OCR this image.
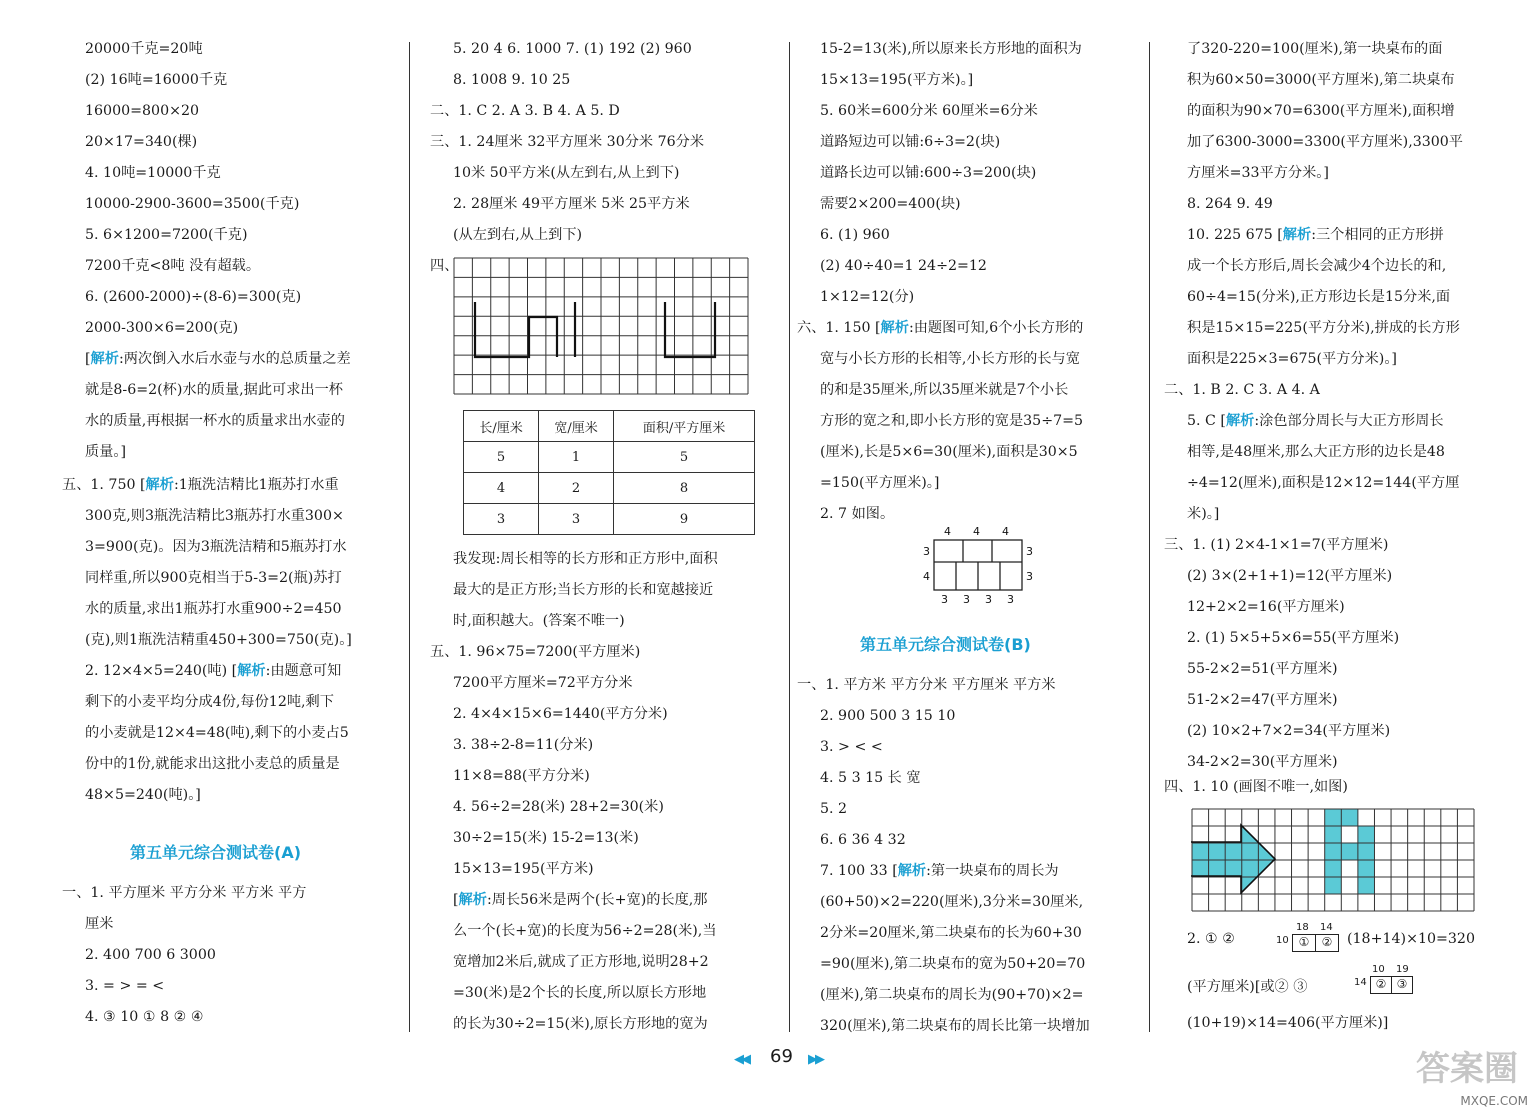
20000千克=20吨
(2) 16吨=16000千克
16000=800×20
20×17=340(棵)
4. 10吨=10000千克
10000-2900-3600=3500(千克)
5. 6×1200=7200(千克)
7200千克<8吨 没有超载。
6. (2600-2000)÷(8-6)=300(克)
2000-300×6=200(克)
[解析:两次倒入水后水壶与水的总质量之差
就是8-6=2(杯)水的质量,据此可求出一杯
水的质量,再根据一杯水的质量求出水壶的
质量。]
五、1. 750 [解析:1瓶洗洁精比1瓶苏打水重
300克,则3瓶洗洁精比3瓶苏打水重300×
3=900(克)。因为3瓶洗洁精和5瓶苏打水
同样重,所以900克相当于5-3=2(瓶)苏打
水的质量,求出1瓶苏打水重900÷2=450
(克),则1瓶洗洁精重450+300=750(克)。]
2. 12×4×5=240(吨) [解析:由题意可知
剩下的小麦平均分成4份,每份12吨,剩下
的小麦就是12×4=48(吨),剩下的小麦占5
份中的1份,就能求出这批小麦总的质量是
48×5=240(吨)。]
一、1. 平方厘米 平方分米 平方米 平方
厘米
2. 400 700 6 3000
3. = > = <
4. ③ 10 ① 8 ② ④
5. 20 4 6. 1000 7. (1) 192 (2) 960
8. 1008 9. 10 25
二、1. C 2. A 3. B 4. A 5. D
三、1. 24厘米 32平方厘米 30分米 76分米
10米 50平方米(从左到右,从上到下)
2. 28厘米 49平方厘米 5米 25平方米
(从左到右,从上到下)
四、
我发现:周长相等的长方形和正方形中,面积
最大的是正方形;当长方形的长和宽越接近
时,面积越大。(答案不唯一)
五、1. 96×75=7200(平方厘米)
7200平方厘米=72平方分米
2. 4×4×15×6=1440(平方分米)
3. 38÷2-8=11(分米)
11×8=88(平方分米)
4. 56÷2=28(米) 28+2=30(米)
30÷2=15(米) 15-2=13(米)
15×13=195(平方米)
[解析:周长56米是两个(长+宽)的长度,那
么一个(长+宽)的长度为56÷2=28(米),当
宽增加2米后,就成了正方形地,说明28+2
=30(米)是2个长的长度,所以原长方形地
的长为30÷2=15(米),原长方形地的宽为
15-2=13(米),所以原来长方形地的面积为
15×13=195(平方米)。]
5. 60米=600分米 60厘米=6分米
道路短边可以铺:6÷3=2(块)
道路长边可以铺:600÷3=200(块)
需要2×200=400(块)
6. (1) 960
(2) 40÷40=1 24÷2=12
1×12=12(分)
六、1. 150 [解析:由题图可知,6个小长方形的
宽与小长方形的长相等,小长方形的长与宽
的和是35厘米,所以35厘米就是7个小长
方形的宽之和,即小长方形的宽是35÷7=5
(厘米),长是5×6=30(厘米),面积是30×5
=150(平方厘米)。]
2. 7 如图。
一、1. 平方米 平方分米 平方厘米 平方米
2. 900 500 3 15 10
3. > < <
4. 5 3 15 长 宽
5. 2
6. 6 36 4 32
7. 100 33 [解析:第一块桌布的周长为
(60+50)×2=220(厘米),3分米=30厘米,
2分米=20厘米,第二块桌布的长为60+30
=90(厘米),第二块桌布的宽为50+20=70
(厘米),第二块桌布的周长为(90+70)×2=
320(厘米),第二块桌布的周长比第一块增加
了320-220=100(厘米),第一块桌布的面
积为60×50=3000(平方厘米),第二块桌布
的面积为90×70=6300(平方厘米),面积增
加了6300-3000=3300(平方厘米),3300平
方厘米=33平方分米。]
8. 264 9. 49
10. 225 675 [解析:三个相同的正方形拼
成一个长方形后,周长会减少4个边长的和,
60÷4=15(分米),正方形边长是15分米,面
积是15×15=225(平方分米),拼成的长方形
面积是225×3=675(平方分米)。]
二、1. B 2. C 3. A 4. A
5. C [解析:涂色部分周长与大正方形周长
相等,是48厘米,那么大正方形的边长是48
÷4=12(厘米),面积是12×12=144(平方厘
米)。]
三、1. (1) 2×4-1×1=7(平方厘米)
(2) 3×(2+1+1)=12(平方厘米)
12+2×2=16(平方厘米)
2. (1) 5×5+5×6=55(平方厘米)
55-2×2=51(平方厘米)
51-2×2=47(平方厘米)
(2) 10×2+7×2=34(平方厘米)
34-2×2=30(平方厘米)
四、1. 10 (画图不唯一,如图)
2. ① ②	(18+14)×10=320
(平方厘米)[或② ③
(10+19)×14=406(平方厘米)]
第五单元综合测试卷(A)
第五单元综合测试卷(B)
长/厘米	宽/厘米	面积/平方厘米
5	1	5
4	2	8
3	3	9
4 4 4
3
4
3
3
3 3 3 3
18 14
10 ①	②
10 19
14 ② ③
◀◀ 69 ▶▶	答案圈
MXQE.COM
